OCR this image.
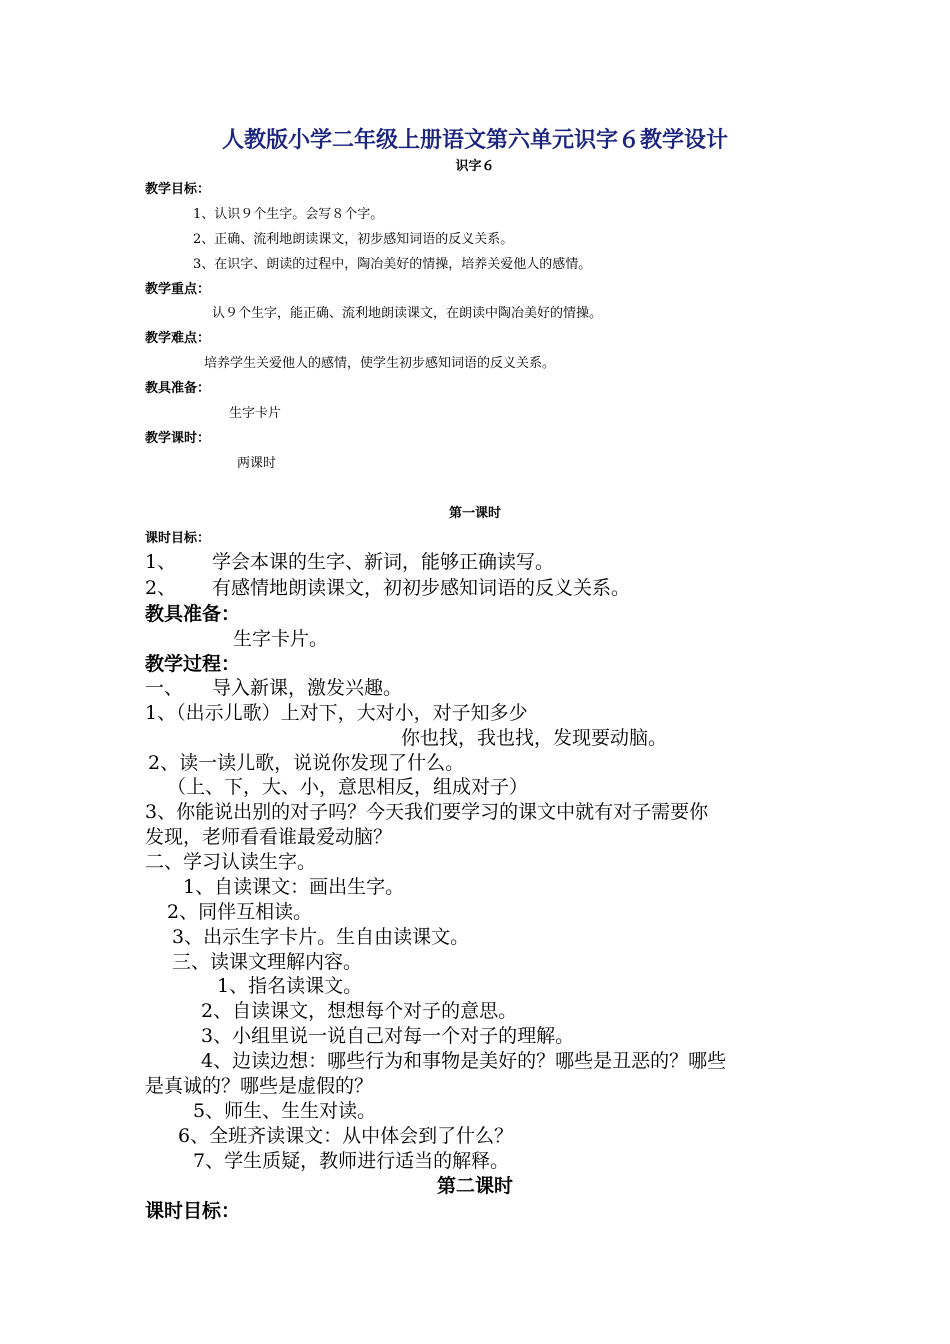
人教版小学二年级上册语文第六单元识字６教学设计
识字６
教学目标：
1、认识９个生字。会写８个字。
2、正确、流利地朗读课文，初步感知词语的反义关系。
3、在识字、朗读的过程中，陶冶美好的情操，培养关爱他人的感情。
教学重点：
认９个生字，能正确、流利地朗读课文，在朗读中陶冶美好的情操。
教学难点：
培养学生关爱他人的感情，使学生初步感知词语的反义关系。
教具准备：
生字卡片
教学课时：
两课时
第一课时
课时目标：
1、 学会本课的生字、新词，能够正确读写。
2、 有感情地朗读课文，初初步感知词语的反义关系。
教具准备：
生字卡片。
教学过程：
一、 导入新课，激发兴趣。
1、（出示儿歌）上对下，大对小，对子知多少
你也找，我也找，发现要动脑。
2、读一读儿歌，说说你发现了什么。
（上、下，大、小，意思相反，组成对子）
3、你能说出别的对子吗？今天我们要学习的课文中就有对子需要你
发现，老师看看谁最爱动脑？
二、学习认读生字。
1、自读课文：画出生字。
2、同伴互相读。
3、出示生字卡片。生自由读课文。
三、读课文理解内容。
1、指名读课文。
2、自读课文，想想每个对子的意思。
3、小组里说一说自己对每一个对子的理解。
4、边读边想：哪些行为和事物是美好的？哪些是丑恶的？哪些
是真诚的？哪些是虚假的？
5、师生、生生对读。
6、全班齐读课文：从中体会到了什么？
7、学生质疑，教师进行适当的解释。
第二课时
课时目标：
